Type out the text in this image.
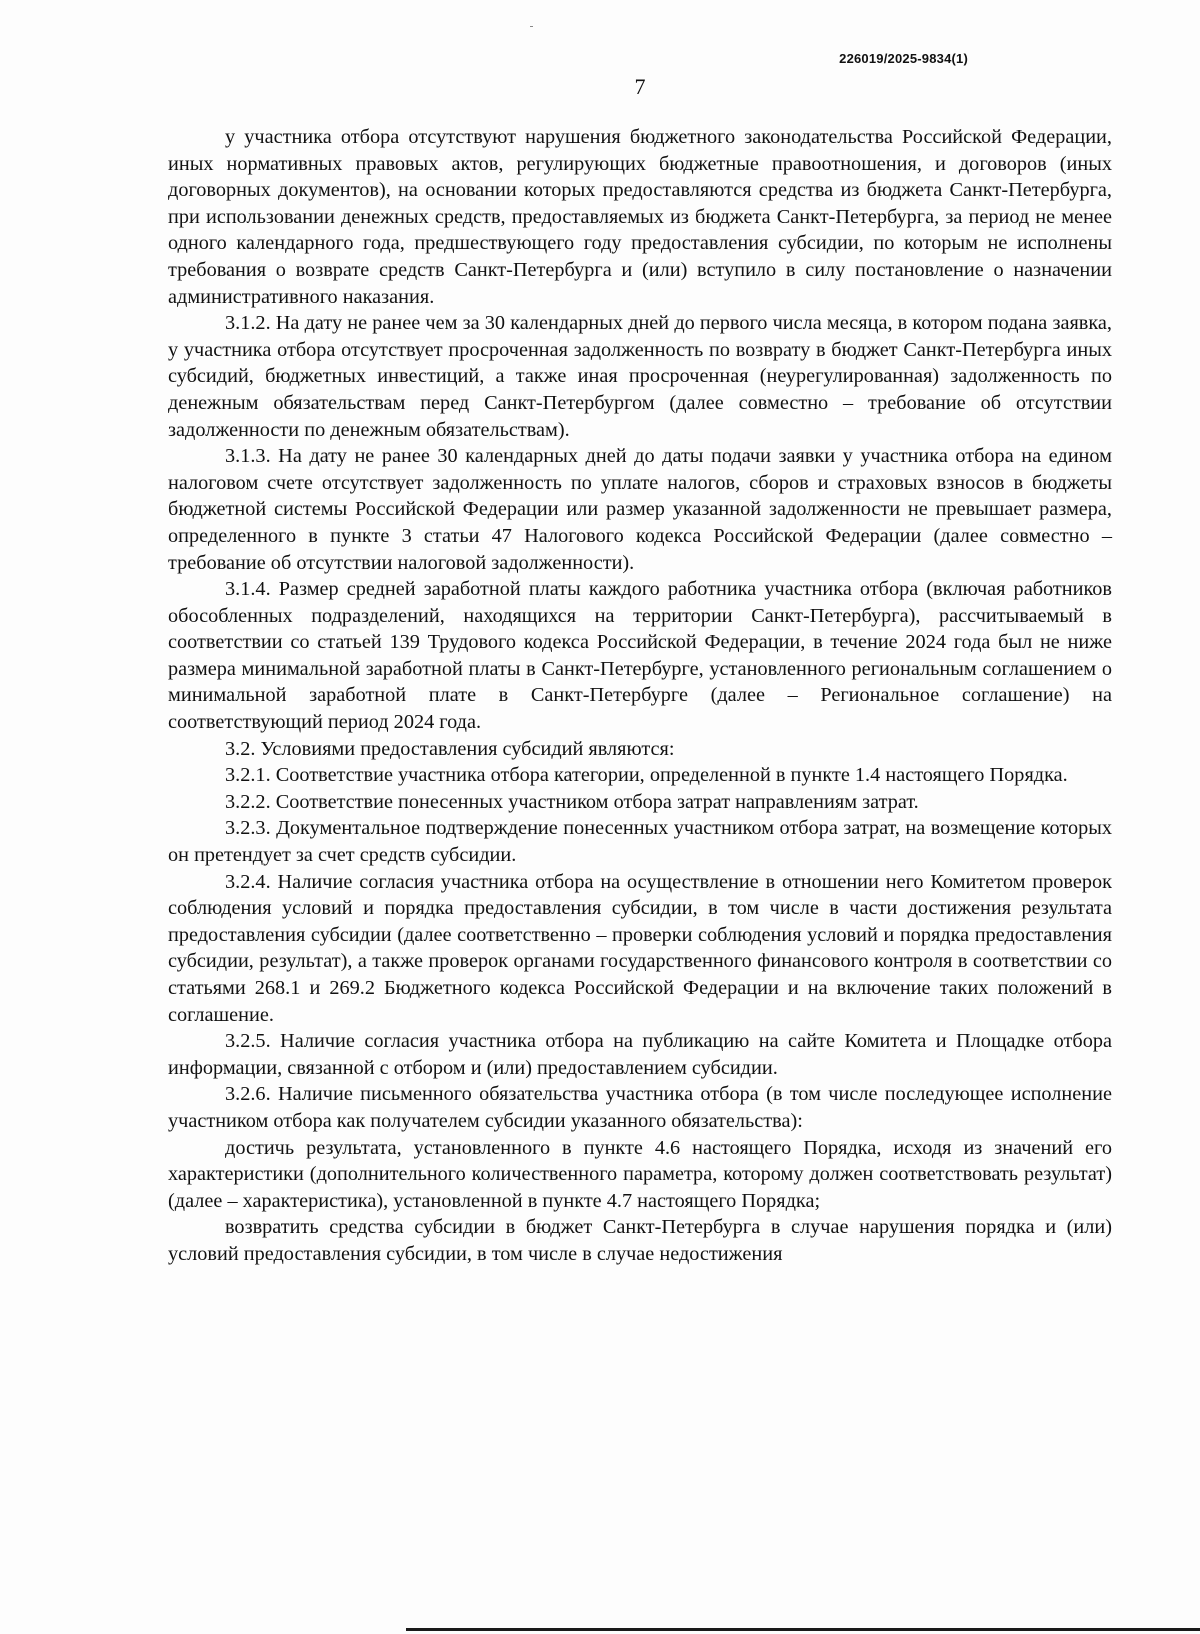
226019/2025-9834(1)
7

у участника отбора отсутствуют нарушения бюджетного законодательства Российской Федерации, иных нормативных правовых актов, регулирующих бюджетные правоотношения, и договоров (иных договорных документов), на основании которых предоставляются средства из бюджета Санкт-Петербурга, при использовании денежных средств, предоставляемых из бюджета Санкт-Петербурга, за период не менее одного календарного года, предшествующего году предоставления субсидии, по которым не исполнены требования о возврате средств Санкт-Петербурга и (или) вступило в силу постановление о назначении административного наказания.

3.1.2. На дату не ранее чем за 30 календарных дней до первого числа месяца, в котором подана заявка, у участника отбора отсутствует просроченная задолженность по возврату в бюджет Санкт-Петербурга иных субсидий, бюджетных инвестиций, а также иная просроченная (неурегулированная) задолженность по денежным обязательствам перед Санкт-Петербургом (далее совместно – требование об отсутствии задолженности по денежным обязательствам).

3.1.3. На дату не ранее 30 календарных дней до даты подачи заявки у участника отбора на едином налоговом счете отсутствует задолженность по уплате налогов, сборов и страховых взносов в бюджеты бюджетной системы Российской Федерации или размер указанной задолженности не превышает размера, определенного в пункте 3 статьи 47 Налогового кодекса Российской Федерации (далее совместно – требование об отсутствии налоговой задолженности).

3.1.4. Размер средней заработной платы каждого работника участника отбора (включая работников обособленных подразделений, находящихся на территории Санкт-Петербурга), рассчитываемый в соответствии со статьей 139 Трудового кодекса Российской Федерации, в течение 2024 года был не ниже размера минимальной заработной платы в Санкт-Петербурге, установленного региональным соглашением о минимальной заработной плате в Санкт-Петербурге (далее – Региональное соглашение) на соответствующий период 2024 года.

3.2. Условиями предоставления субсидий являются:

3.2.1. Соответствие участника отбора категории, определенной в пункте 1.4 настоящего Порядка.

3.2.2. Соответствие понесенных участником отбора затрат направлениям затрат.

3.2.3. Документальное подтверждение понесенных участником отбора затрат, на возмещение которых он претендует за счет средств субсидии.

3.2.4. Наличие согласия участника отбора на осуществление в отношении него Комитетом проверок соблюдения условий и порядка предоставления субсидии, в том числе в части достижения результата предоставления субсидии (далее соответственно – проверки соблюдения условий и порядка предоставления субсидии, результат), а также проверок органами государственного финансового контроля в соответствии со статьями 268.1 и 269.2 Бюджетного кодекса Российской Федерации и на включение таких положений в соглашение.

3.2.5. Наличие согласия участника отбора на публикацию на сайте Комитета и Площадке отбора информации, связанной с отбором и (или) предоставлением субсидии.

3.2.6. Наличие письменного обязательства участника отбора (в том числе последующее исполнение участником отбора как получателем субсидии указанного обязательства):

достичь результата, установленного в пункте 4.6 настоящего Порядка, исходя из значений его характеристики (дополнительного количественного параметра, которому должен соответствовать результат) (далее – характеристика), установленной в пункте 4.7 настоящего Порядка;

возвратить средства субсидии в бюджет Санкт-Петербурга в случае нарушения порядка и (или) условий предоставления субсидии, в том числе в случае недостижения
